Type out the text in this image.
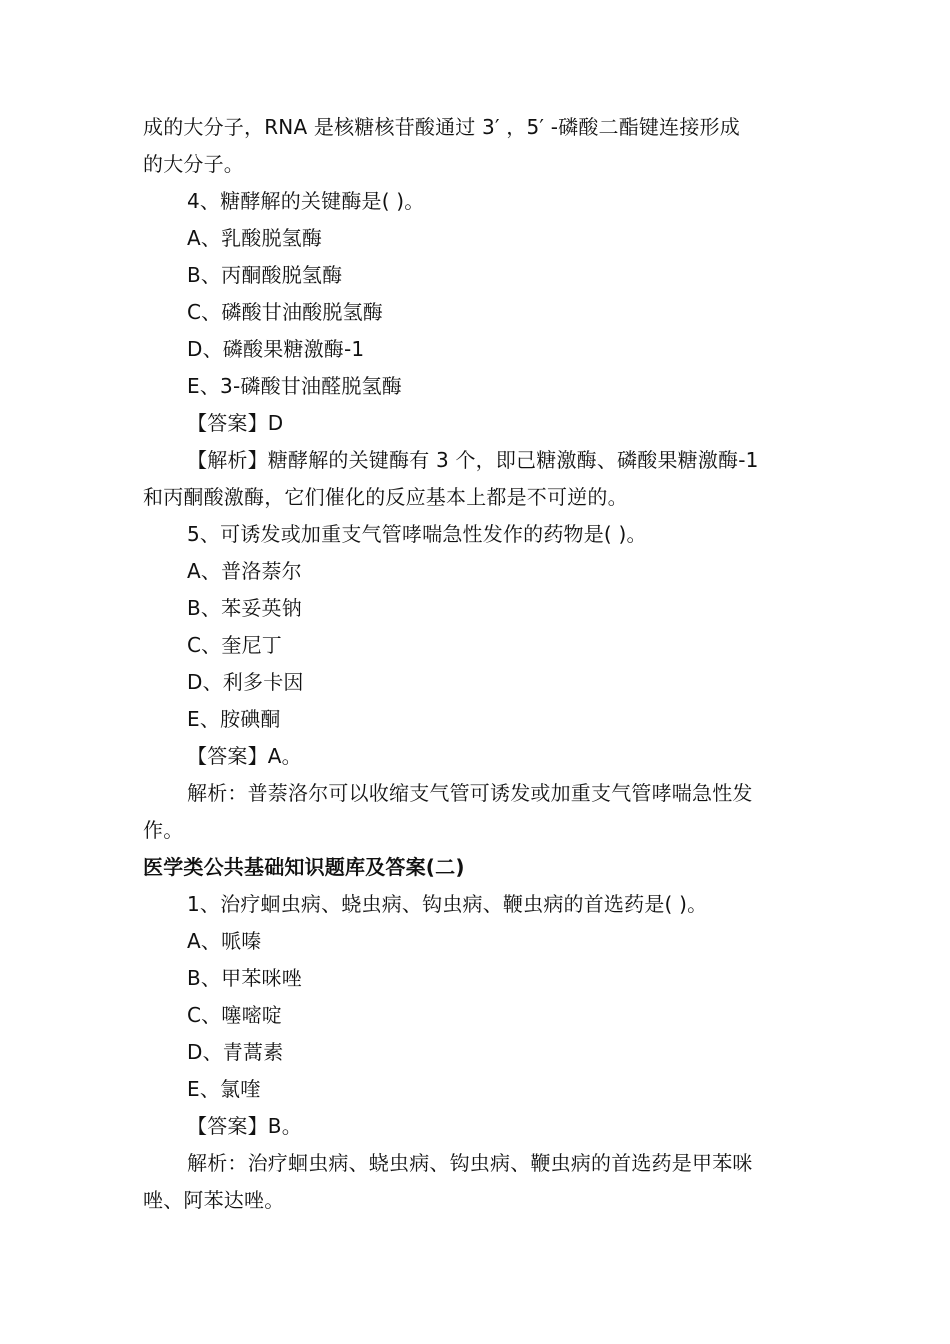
成的大分子，RNA 是核糖核苷酸通过 3′ ，5′ -磷酸二酯键连接形成
的大分子。
4、糖酵解的关键酶是( )。
A、乳酸脱氢酶
B、丙酮酸脱氢酶
C、磷酸甘油酸脱氢酶
D、磷酸果糖激酶-1
E、3-磷酸甘油醛脱氢酶
【答案】D
【解析】糖酵解的关键酶有 3 个，即己糖激酶、磷酸果糖激酶-1
和丙酮酸激酶，它们催化的反应基本上都是不可逆的。
5、可诱发或加重支气管哮喘急性发作的药物是( )。
A、普洛萘尔
B、苯妥英钠
C、奎尼丁
D、利多卡因
E、胺碘酮
【答案】A。
解析：普萘洛尔可以收缩支气管可诱发或加重支气管哮喘急性发
作。
医学类公共基础知识题库及答案(二)
1、治疗蛔虫病、蛲虫病、钩虫病、鞭虫病的首选药是( )。
A、哌嗪
B、甲苯咪唑
C、噻嘧啶
D、青蒿素
E、氯喹
【答案】B。
解析：治疗蛔虫病、蛲虫病、钩虫病、鞭虫病的首选药是甲苯咪
唑、阿苯达唑。
